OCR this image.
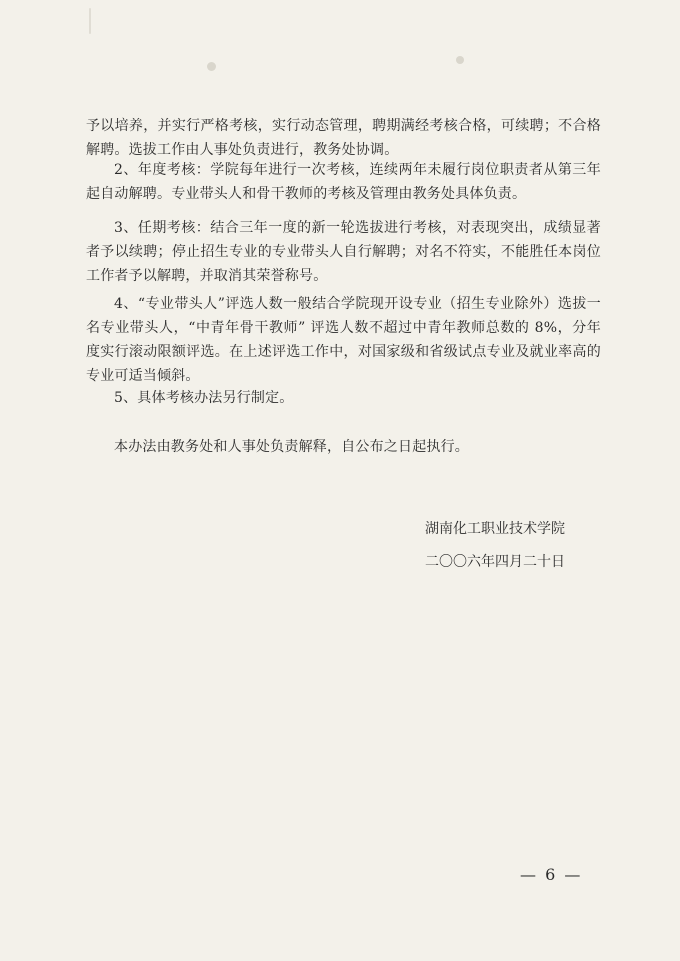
予以培养，并实行严格考核，实行动态管理，聘期满经考核合格，可续聘；不合格解聘。选拔工作由人事处负责进行，教务处协调。

2、年度考核：学院每年进行一次考核，连续两年未履行岗位职责者从第三年起自动解聘。专业带头人和骨干教师的考核及管理由教务处具体负责。

3、任期考核：结合三年一度的新一轮选拔进行考核，对表现突出，成绩显著者予以续聘；停止招生专业的专业带头人自行解聘；对名不符实，不能胜任本岗位工作者予以解聘，并取消其荣誉称号。

4、“专业带头人”评选人数一般结合学院现开设专业（招生专业除外）选拔一名专业带头人，“中青年骨干教师” 评选人数不超过中青年教师总数的 8%，分年度实行滚动限额评选。在上述评选工作中，对国家级和省级试点专业及就业率高的专业可适当倾斜。

5、具体考核办法另行制定。

本办法由教务处和人事处负责解释，自公布之日起执行。

湖南化工职业技术学院

二〇〇六年四月二十日

— 6 —
